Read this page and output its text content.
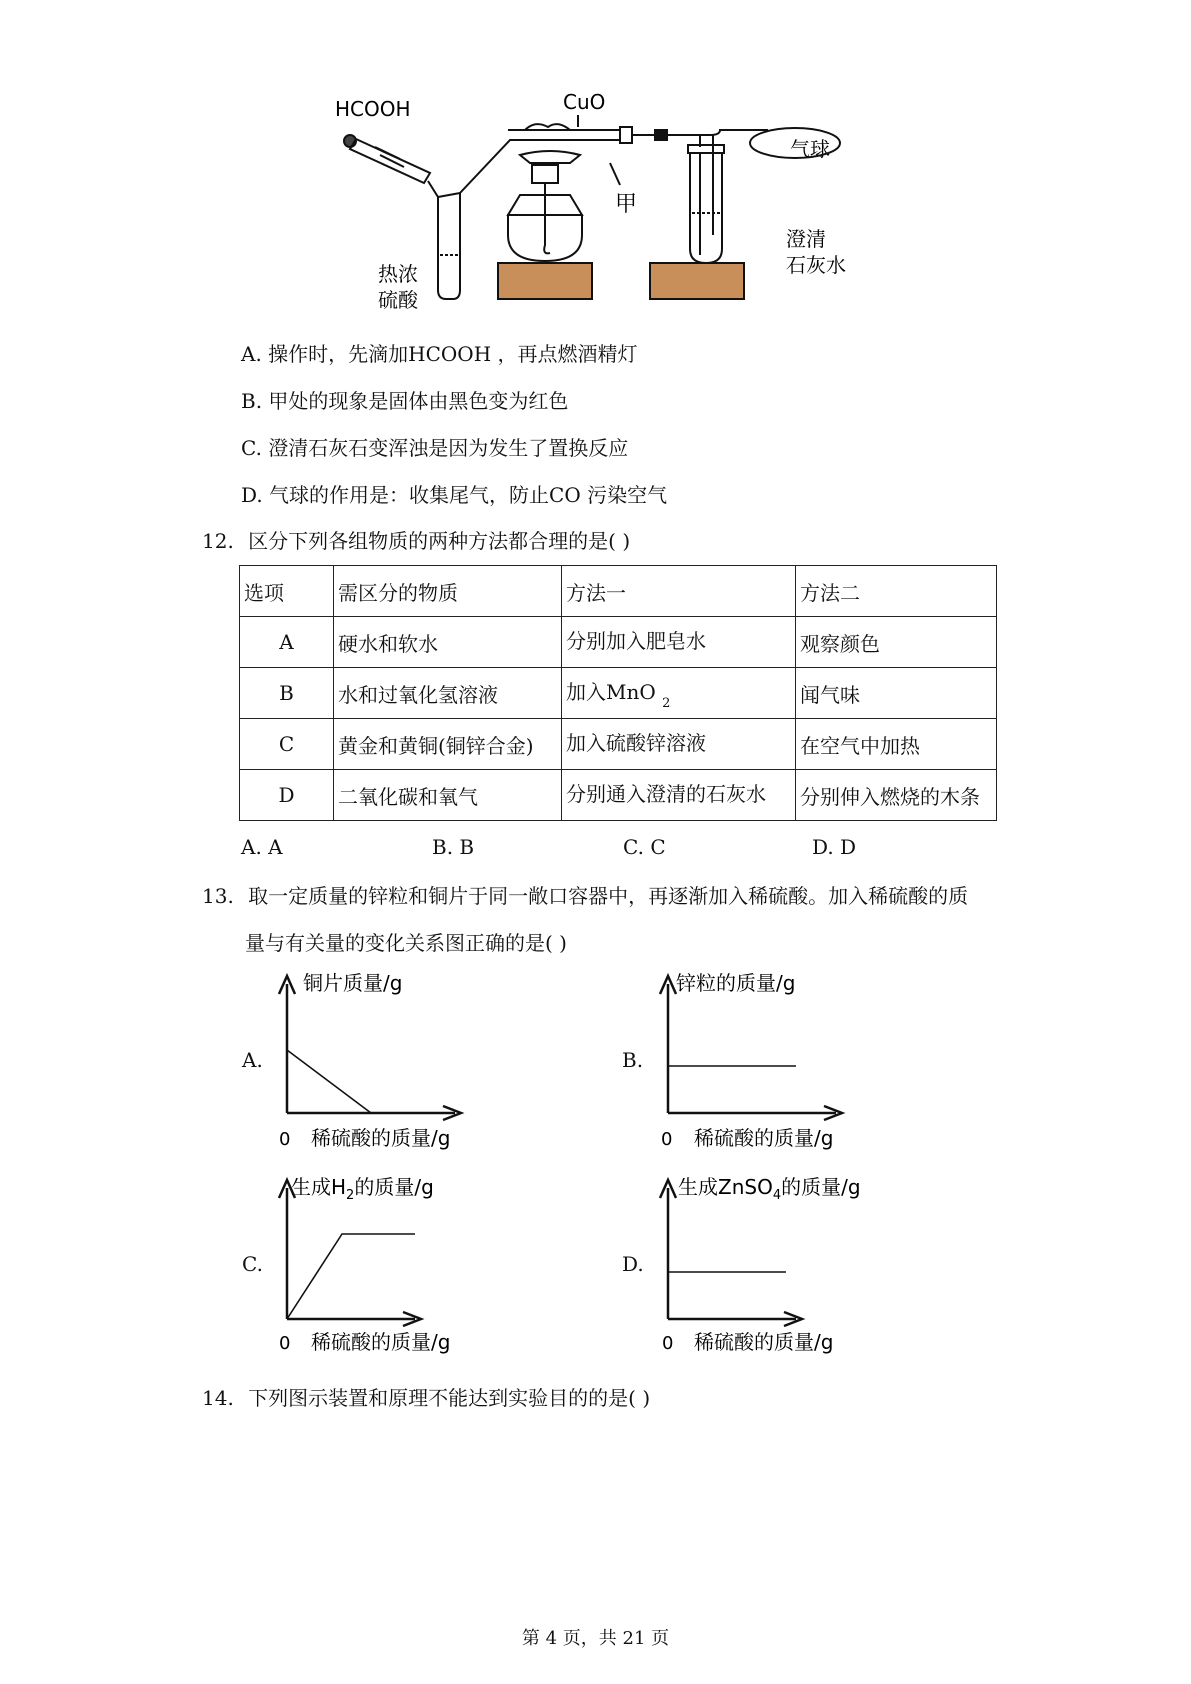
HCOOH	CuO
甲
气球
澄清
石灰水
热浓
硫酸
A. 操作时，先滴加HCOOH ，再点燃酒精灯
B. 甲处的现象是固体由黑色变为红色
C. 澄清石灰石变浑浊是因为发生了置换反应
D. 气球的作用是：收集尾气，防止CO 污染空气
12. 区分下列各组物质的两种方法都合理的是( )
选项	需区分的物质	方法一	方法二
A	硬水和软水	分别加入肥皂水	观察颜色
B	水和过氧化氢溶液	加入MnO $_2$	闻气味
C	黄金和黄铜(铜锌合金)	加入硫酸锌溶液	在空气中加热
D	二氧化碳和氧气	分别通入澄清的石灰水	分别伸入燃烧的木条
A. A	B. B	C. C	D. D
13. 取一定质量的锌粒和铜片于同一敞口容器中，再逐渐加入稀硫酸。加入稀硫酸的质
量与有关量的变化关系图正确的是( )
A.
铜片质量/g
0 稀硫酸的质量/g
B.
锌粒的质量/g
0 稀硫酸的质量/g
C.
生成$H_2$的质量/g
0 稀硫酸的质量/g
D.
生成ZnSO$_4$的质量/g
0 稀硫酸的质量/g
14. 下列图示装置和原理不能达到实验目的的是( )
第 4 页，共 21 页
